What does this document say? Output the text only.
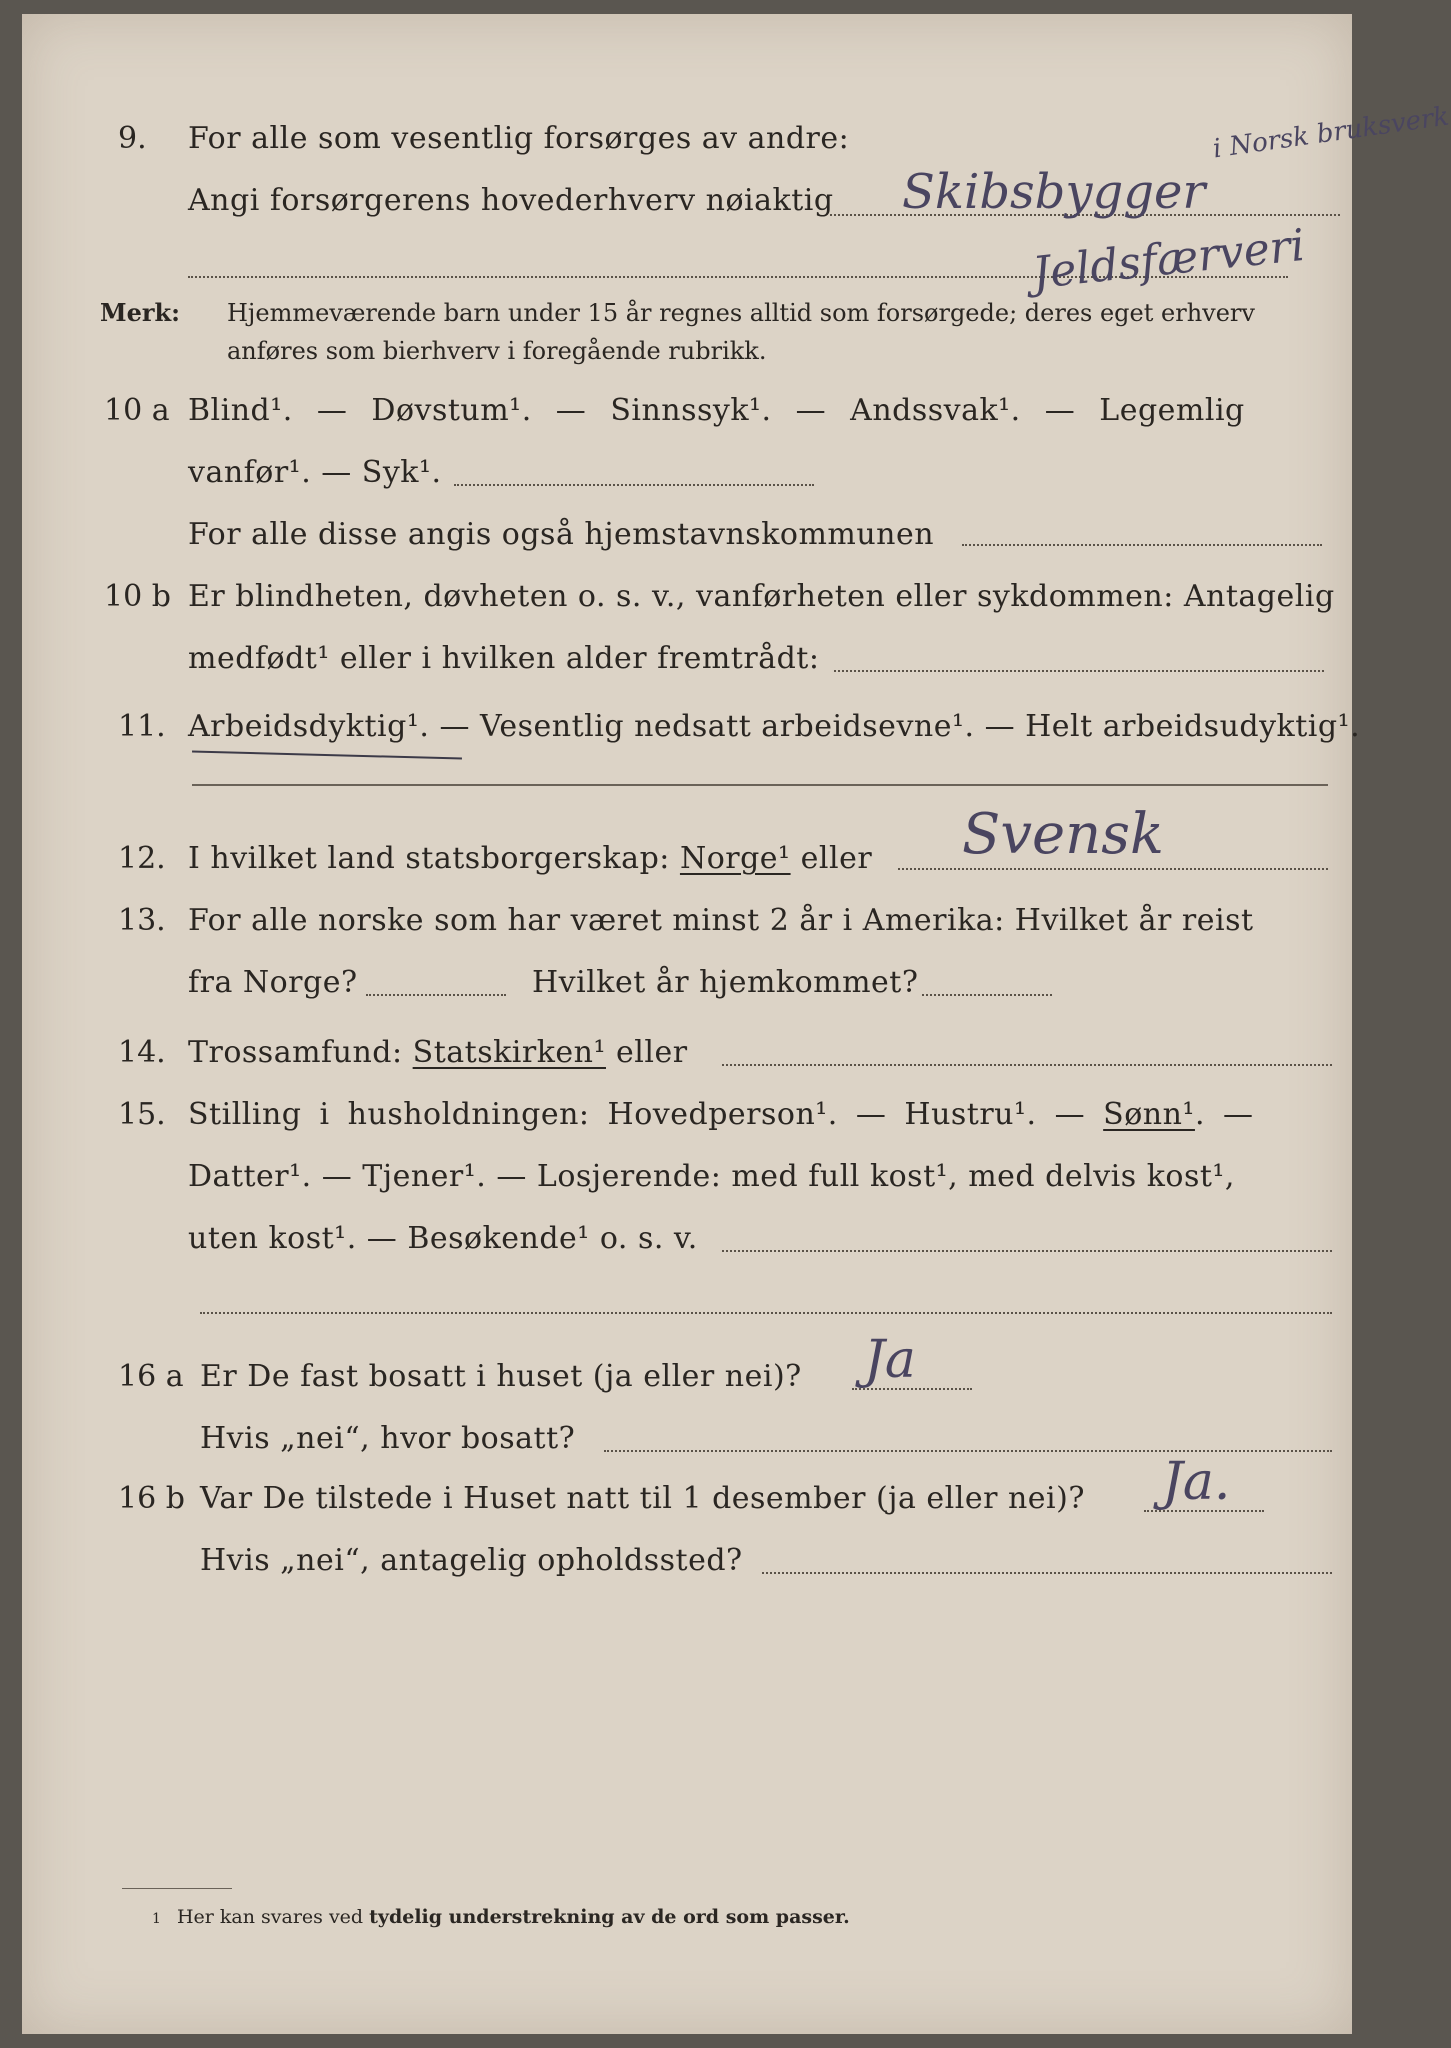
9. For alle som vesentlig forsørges av andre:
Angi forsørgerens hovederhverv nøiaktig Skibsbygger
i Norsk bruksverk
Jeldsfærveri
Merk: Hjemmeværende barn under 15 år regnes alltid som forsørgede; deres eget erhverv
anføres som bierhverv i foregående rubrikk.
10 a Blind¹. — Døvstum¹. — Sinnssyk¹. — Andssvak¹. — Legemlig
vanfør¹. — Syk¹.
For alle disse angis også hjemstavnskommunen
10 b Er blindheten, døvheten o. s. v., vanførheten eller sykdommen: Antagelig
medfødt¹ eller i hvilken alder fremtrådt:
11. Arbeidsdyktig¹. — Vesentlig nedsatt arbeidsevne¹. — Helt arbeidsudyktig¹.
12. I hvilket land statsborgerskap: Norge¹ eller Svensk
13. For alle norske som har været minst 2 år i Amerika: Hvilket år reist
fra Norge?	Hvilket år hjemkommet?
14. Trossamfund: Statskirken¹ eller
15. Stilling i husholdningen: Hovedperson¹. — Hustru¹. — Sønn¹. —
Datter¹. — Tjener¹. — Losjerende: med full kost¹, med delvis kost¹,
uten kost¹. — Besøkende¹ o. s. v.
16 a Er De fast bosatt i huset (ja eller nei)? Ja
Hvis „nei“, hvor bosatt?
16 b Var De tilstede i Huset natt til 1 desember (ja eller nei)? Ja.
Hvis „nei“, antagelig opholdssted?
1 Her kan svares ved tydelig understrekning av de ord som passer.
